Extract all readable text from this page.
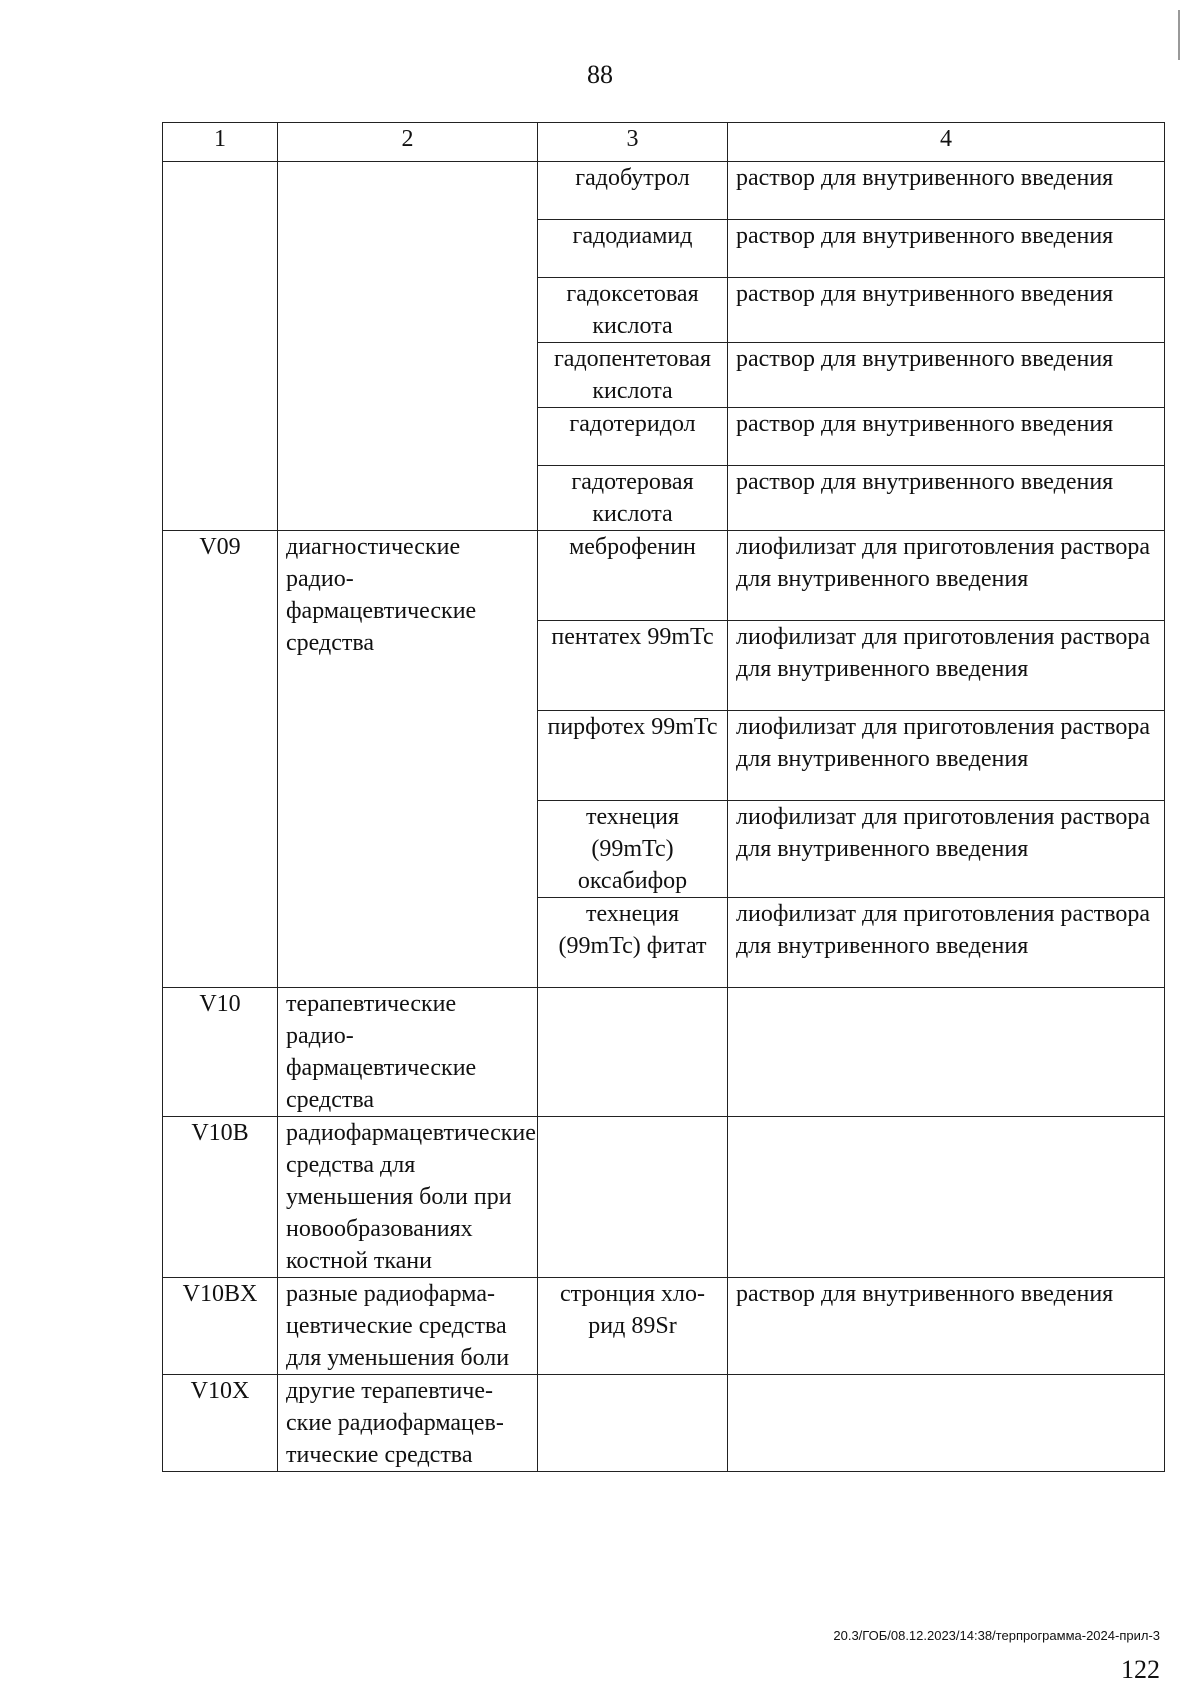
88
1	2	3	4
		гадобутрол	раствор для внутривенного введения
		гадодиамид	раствор для внутривенного введения
		гадоксетовая кислота	раствор для внутривенного введения
		гадопентетовая кислота	раствор для внутривенного введения
		гадотеридол	раствор для внутривенного введения
		гадотеровая кислота	раствор для внутривенного введения
V09	диагностические радио-фармацевтические средства	меброфенин	лиофилизат для приготовления раствора для внутривенного введения
		пентатех 99mTc	лиофилизат для приготовления раствора для внутривенного введения
		пирфотех 99mTc	лиофилизат для приготовления раствора для внутривенного введения
		технеция (99mTc) оксабифор	лиофилизат для приготовления раствора для внутривенного введения
		технеция (99mTc) фитат	лиофилизат для приготовления раствора для внутривенного введения
V10	терапевтические радио-фармацевтические средства		
V10B	радиофармацевтические средства для уменьшения боли при новообразованиях костной ткани		
V10BX	разные радиофарма-цевтические средства для уменьшения боли	стронция хло-рид 89Sr	раствор для внутривенного введения
V10X	другие терапевтиче-ские радиофармацев-тические средства		
20.3/ГОБ/08.12.2023/14:38/терпрограмма-2024-прил-3
122
